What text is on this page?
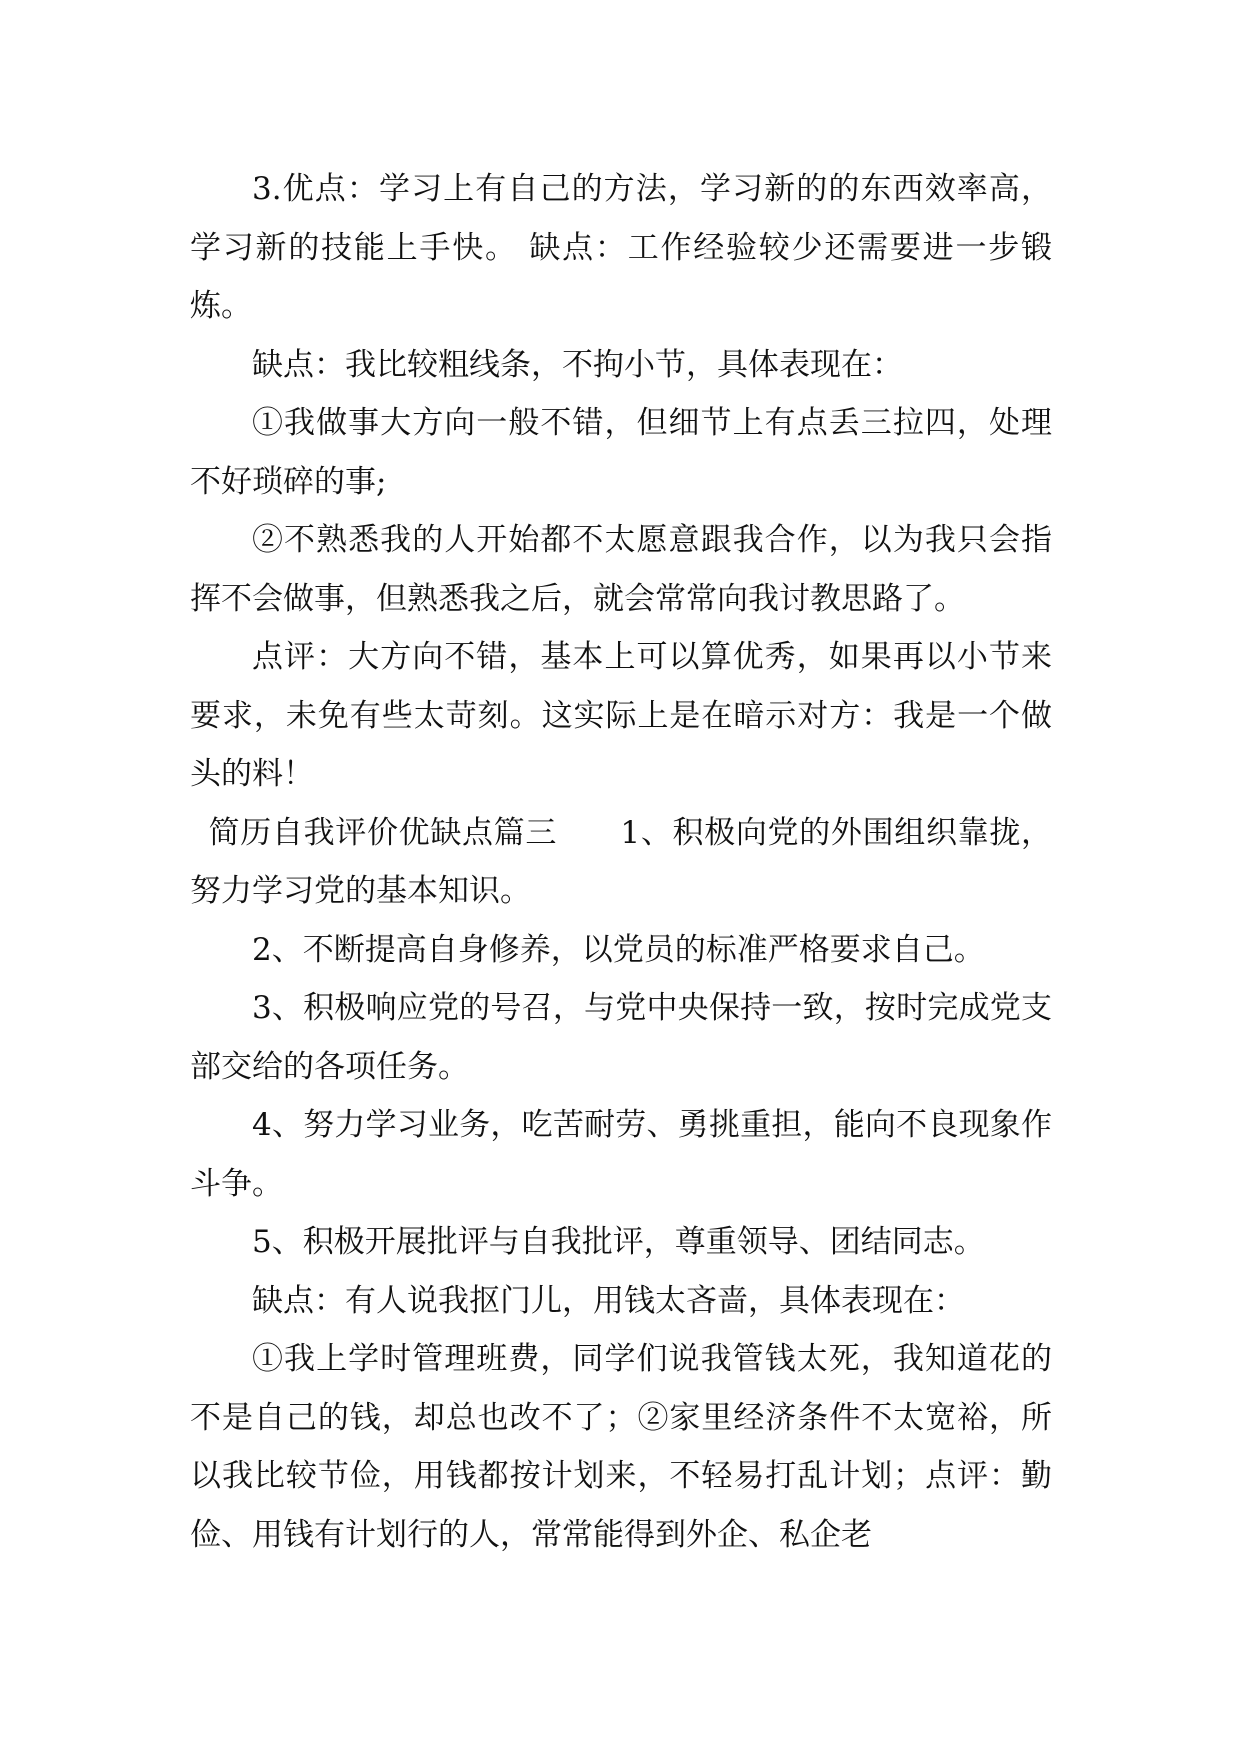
3.优点：学习上有自己的方法，学习新的的东西效率高，学习新的技能上手快。 缺点：工作经验较少还需要进一步锻炼。

缺点：我比较粗线条，不拘小节，具体表现在：

①我做事大方向一般不错，但细节上有点丢三拉四，处理不好琐碎的事;

②不熟悉我的人开始都不太愿意跟我合作，以为我只会指挥不会做事，但熟悉我之后，就会常常向我讨教思路了。

点评：大方向不错，基本上可以算优秀，如果再以小节来要求，未免有些太苛刻。这实际上是在暗示对方：我是一个做头的料！

简历自我评价优缺点篇三　　1、积极向党的外围组织靠拢，努力学习党的基本知识。

2、不断提高自身修养，以党员的标准严格要求自己。

3、积极响应党的号召，与党中央保持一致，按时完成党支部交给的各项任务。

4、努力学习业务，吃苦耐劳、勇挑重担，能向不良现象作斗争。

5、积极开展批评与自我批评，尊重领导、团结同志。

缺点：有人说我抠门儿，用钱太吝啬，具体表现在：

①我上学时管理班费，同学们说我管钱太死，我知道花的不是自己的钱，却总也改不了；②家里经济条件不太宽裕，所以我比较节俭，用钱都按计划来，不轻易打乱计划；点评：勤俭、用钱有计划行的人，常常能得到外企、私企老
